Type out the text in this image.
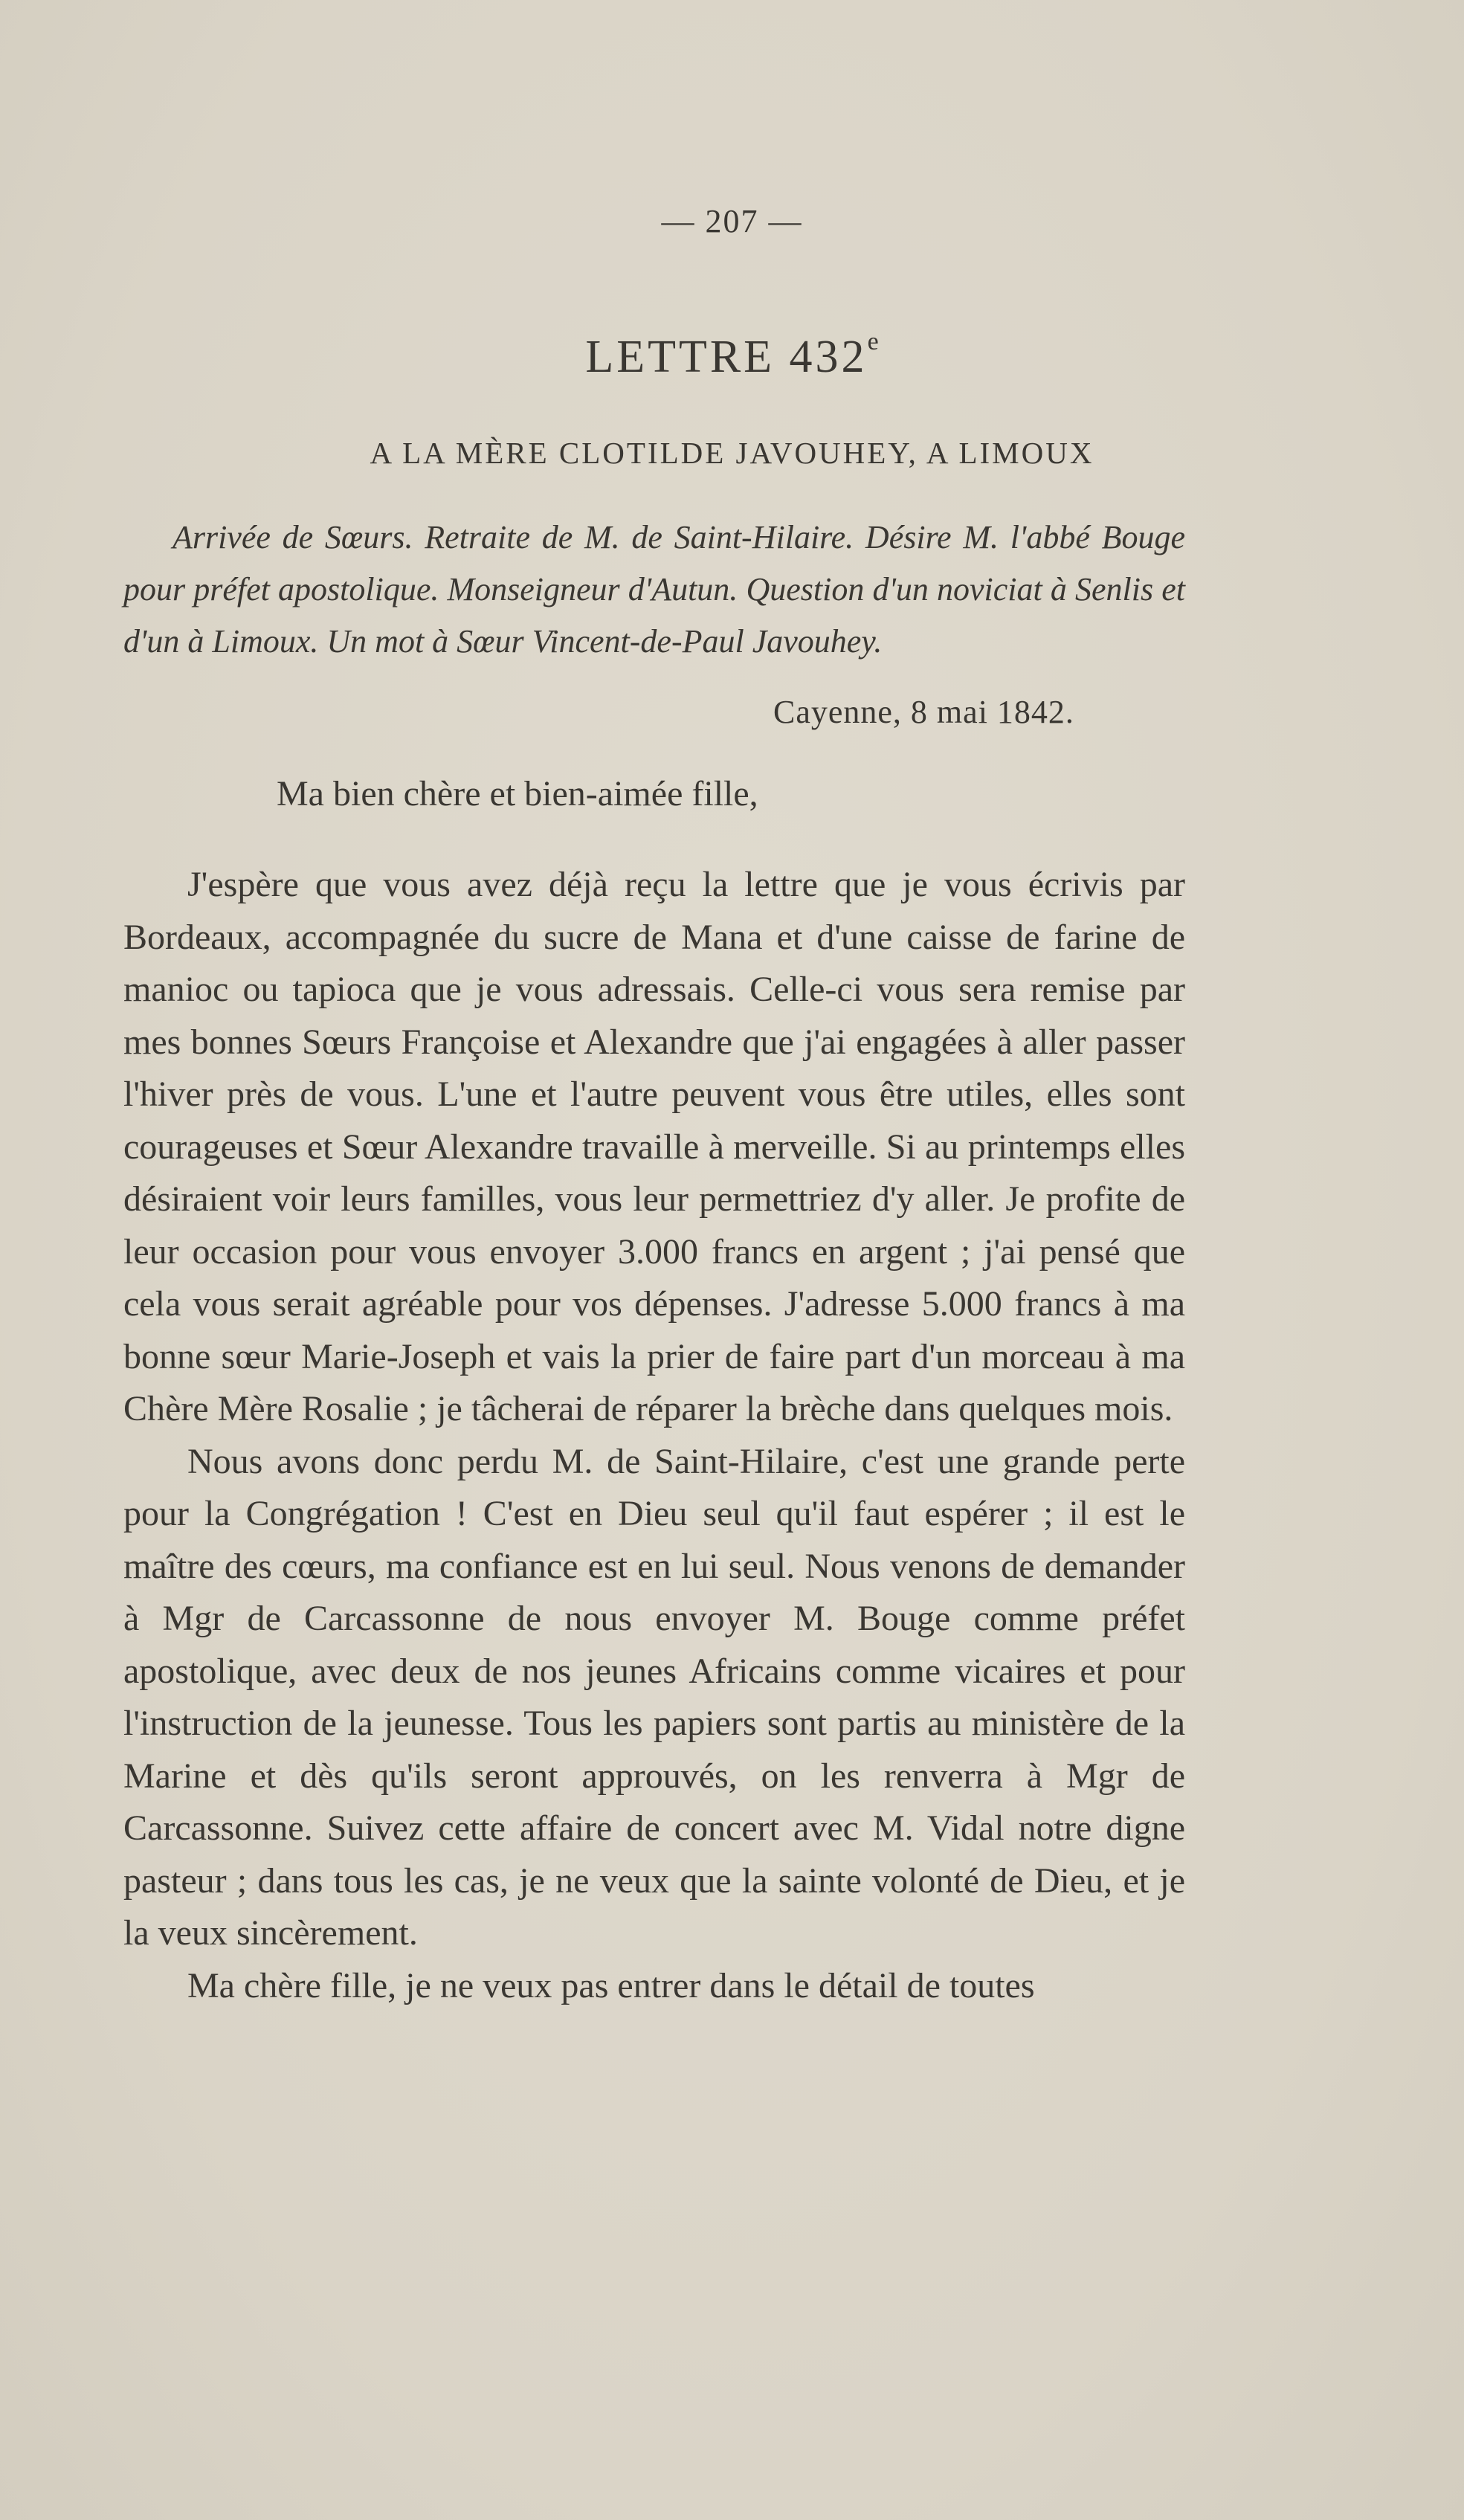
— 207 —
LETTRE 432e
A LA MÈRE CLOTILDE JAVOUHEY, A LIMOUX
Arrivée de Sœurs. Retraite de M. de Saint-Hilaire. Désire M. l'abbé Bouge pour préfet apostolique. Monseigneur d'Autun. Question d'un noviciat à Senlis et d'un à Limoux. Un mot à Sœur Vincent-de-Paul Javouhey.
Cayenne, 8 mai 1842.
Ma bien chère et bien-aimée fille,

J'espère que vous avez déjà reçu la lettre que je vous écrivis par Bordeaux, accompagnée du sucre de Mana et d'une caisse de farine de manioc ou tapioca que je vous adressais. Celle-ci vous sera remise par mes bonnes Sœurs Françoise et Alexandre que j'ai engagées à aller passer l'hiver près de vous. L'une et l'autre peuvent vous être utiles, elles sont courageuses et Sœur Alexandre travaille à merveille. Si au printemps elles désiraient voir leurs familles, vous leur permettriez d'y aller. Je profite de leur occasion pour vous envoyer 3.000 francs en argent ; j'ai pensé que cela vous serait agréable pour vos dépenses. J'adresse 5.000 francs à ma bonne sœur Marie-Joseph et vais la prier de faire part d'un morceau à ma Chère Mère Rosalie ; je tâcherai de réparer la brèche dans quelques mois.

Nous avons donc perdu M. de Saint-Hilaire, c'est une grande perte pour la Congrégation ! C'est en Dieu seul qu'il faut espérer ; il est le maître des cœurs, ma confiance est en lui seul. Nous venons de demander à Mgr de Carcassonne de nous envoyer M. Bouge comme préfet apostolique, avec deux de nos jeunes Africains comme vicaires et pour l'instruction de la jeunesse. Tous les papiers sont partis au ministère de la Marine et dès qu'ils seront approuvés, on les renverra à Mgr de Carcassonne. Suivez cette affaire de concert avec M. Vidal notre digne pasteur ; dans tous les cas, je ne veux que la sainte volonté de Dieu, et je la veux sincèrement.

Ma chère fille, je ne veux pas entrer dans le détail de toutes
